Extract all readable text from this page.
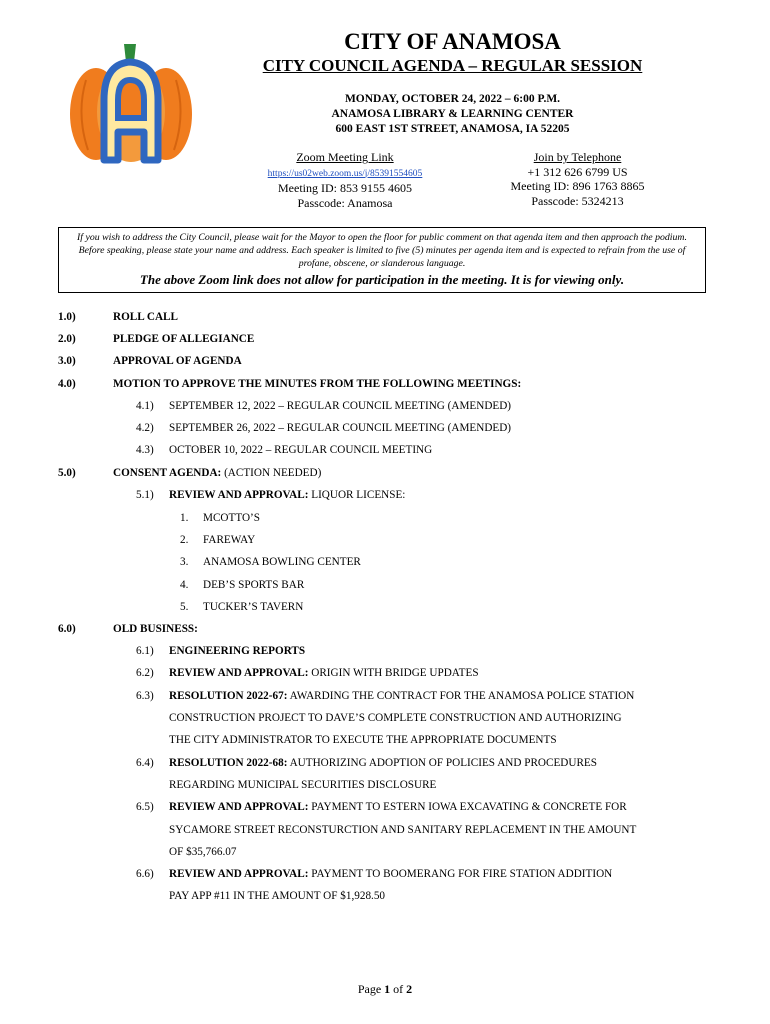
CITY OF ANAMOSA
CITY COUNCIL AGENDA – REGULAR SESSION
MONDAY, OCTOBER 24, 2022 – 6:00 P.M.
ANAMOSA LIBRARY & LEARNING CENTER
600 EAST 1ST STREET, ANAMOSA, IA 52205
Zoom Meeting Link
https://us02web.zoom.us/j/85391554605
Meeting ID: 853 9155 4605
Passcode: Anamosa
Join by Telephone
+1 312 626 6799 US
Meeting ID: 896 1763 8865
Passcode: 5324213
If you wish to address the City Council, please wait for the Mayor to open the floor for public comment on that agenda item and then approach the podium. Before speaking, please state your name and address. Each speaker is limited to five (5) minutes per agenda item and is expected to refrain from the use of profane, obscene, or slanderous language.
The above Zoom link does not allow for participation in the meeting. It is for viewing only.
1.0)	ROLL CALL
2.0)	PLEDGE OF ALLEGIANCE
3.0)	APPROVAL OF AGENDA
4.0)	MOTION TO APPROVE THE MINUTES FROM THE FOLLOWING MEETINGS:
4.1) SEPTEMBER 12, 2022 – REGULAR COUNCIL MEETING (AMENDED)
4.2) SEPTEMBER 26, 2022 – REGULAR COUNCIL MEETING (AMENDED)
4.3) OCTOBER 10, 2022 – REGULAR COUNCIL MEETING
5.0)	CONSENT AGENDA: (ACTION NEEDED)
5.1) REVIEW AND APPROVAL: LIQUOR LICENSE:
1. MCOTTO’S
2. FAREWAY
3. ANAMOSA BOWLING CENTER
4. DEB’S SPORTS BAR
5. TUCKER’S TAVERN
6.0)	OLD BUSINESS:
6.1) ENGINEERING REPORTS
6.2) REVIEW AND APPROVAL: ORIGIN WITH BRIDGE UPDATES
6.3) RESOLUTION 2022-67: AWARDING THE CONTRACT FOR THE ANAMOSA POLICE STATION
CONSTRUCTION PROJECT TO DAVE’S COMPLETE CONSTRUCTION AND AUTHORIZING
THE CITY ADMINISTRATOR TO EXECUTE THE APPROPRIATE DOCUMENTS
6.4) RESOLUTION 2022-68: AUTHORIZING ADOPTION OF POLICIES AND PROCEDURES
REGARDING MUNICIPAL SECURITIES DISCLOSURE
6.5) REVIEW AND APPROVAL: PAYMENT TO ESTERN IOWA EXCAVATING & CONCRETE FOR
SYCAMORE STREET RECONSTURCTION AND SANITARY REPLACEMENT IN THE AMOUNT
OF $35,766.07
6.6) REVIEW AND APPROVAL: PAYMENT TO BOOMERANG FOR FIRE STATION ADDITION
PAY APP #11 IN THE AMOUNT OF $1,928.50
Page 1 of 2
